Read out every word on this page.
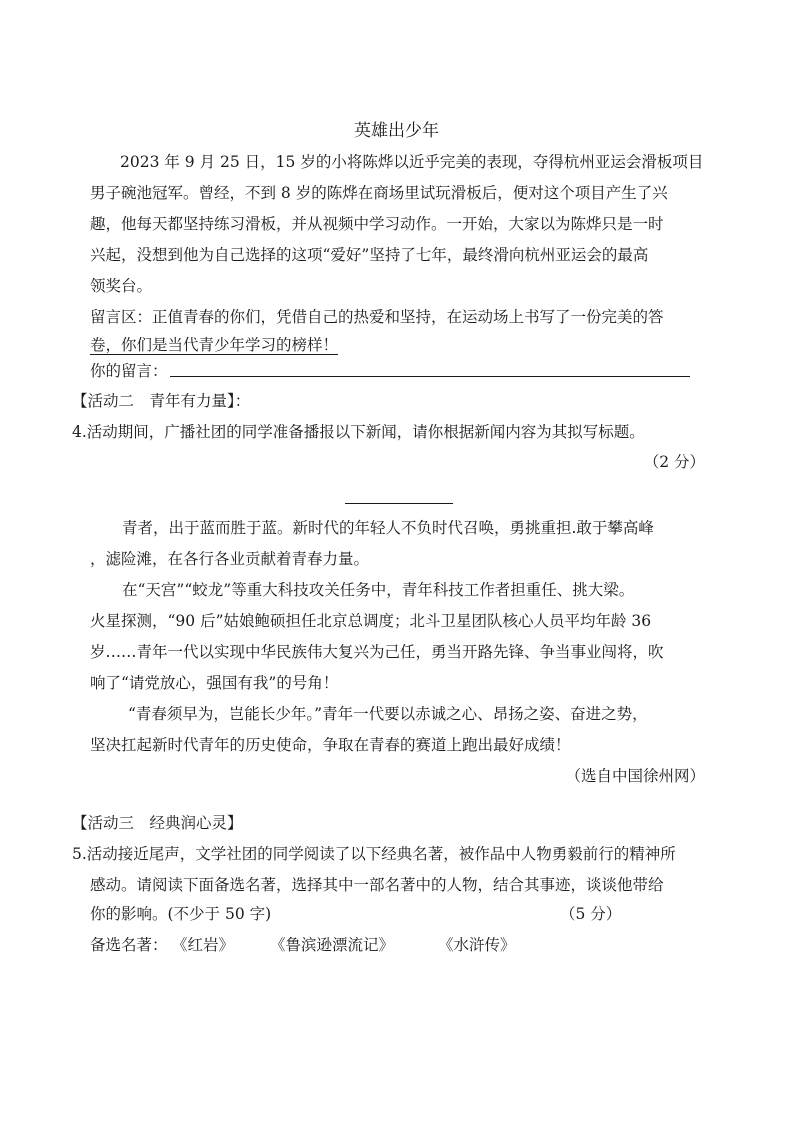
英雄出少年
2023 年 9 月 25 日，15 岁的小将陈烨以近乎完美的表现，夺得杭州亚运会滑板项目
男子碗池冠军。曾经，不到 8 岁的陈烨在商场里试玩滑板后，便对这个项目产生了兴
趣，他每天都坚持练习滑板，并从视频中学习动作。一开始，大家以为陈烨只是一时
兴起，没想到他为自己选择的这项“爱好”坚持了七年，最终滑向杭州亚运会的最高
领奖台。
留言区：正值青春的你们，凭借自己的热爱和坚持，在运动场上书写了一份完美的答
卷，你们是当代青少年学习的榜样！
你的留言：
【活动二　青年有力量】：
4.活动期间，广播社团的同学准备播报以下新闻，请你根据新闻内容为其拟写标题。
（2 分）
青者，出于蓝而胜于蓝。新时代的年轻人不负时代召唤，勇挑重担.敢于攀高峰
，滤险滩，在各行各业贡献着青春力量。
在“天宫”“蛟龙”等重大科技攻关任务中，青年科技工作者担重任、挑大梁。
火星探测，“90 后”姑娘鲍硕担任北京总调度；北斗卫星团队核心人员平均年龄 36
岁……青年一代以实现中华民族伟大复兴为己任，勇当开路先锋、争当事业闯将，吹
响了“请党放心，强国有我”的号角！
“青春须早为，岂能长少年。”青年一代要以赤诚之心、昂扬之姿、奋进之势，
坚决扛起新时代青年的历史使命，争取在青春的赛道上跑出最好成绩！
（选自中国徐州网）
【活动三　经典润心灵】
5.活动接近尾声，文学社团的同学阅读了以下经典名著，被作品中人物勇毅前行的精神所
感动。请阅读下面备选名著，选择其中一部名著中的人物，结合其事迹，谈谈他带给
你的影响。(不少于 50 字)	（5 分）
备选名著： 《红岩》 《鲁滨逊漂流记》	《水浒传》
